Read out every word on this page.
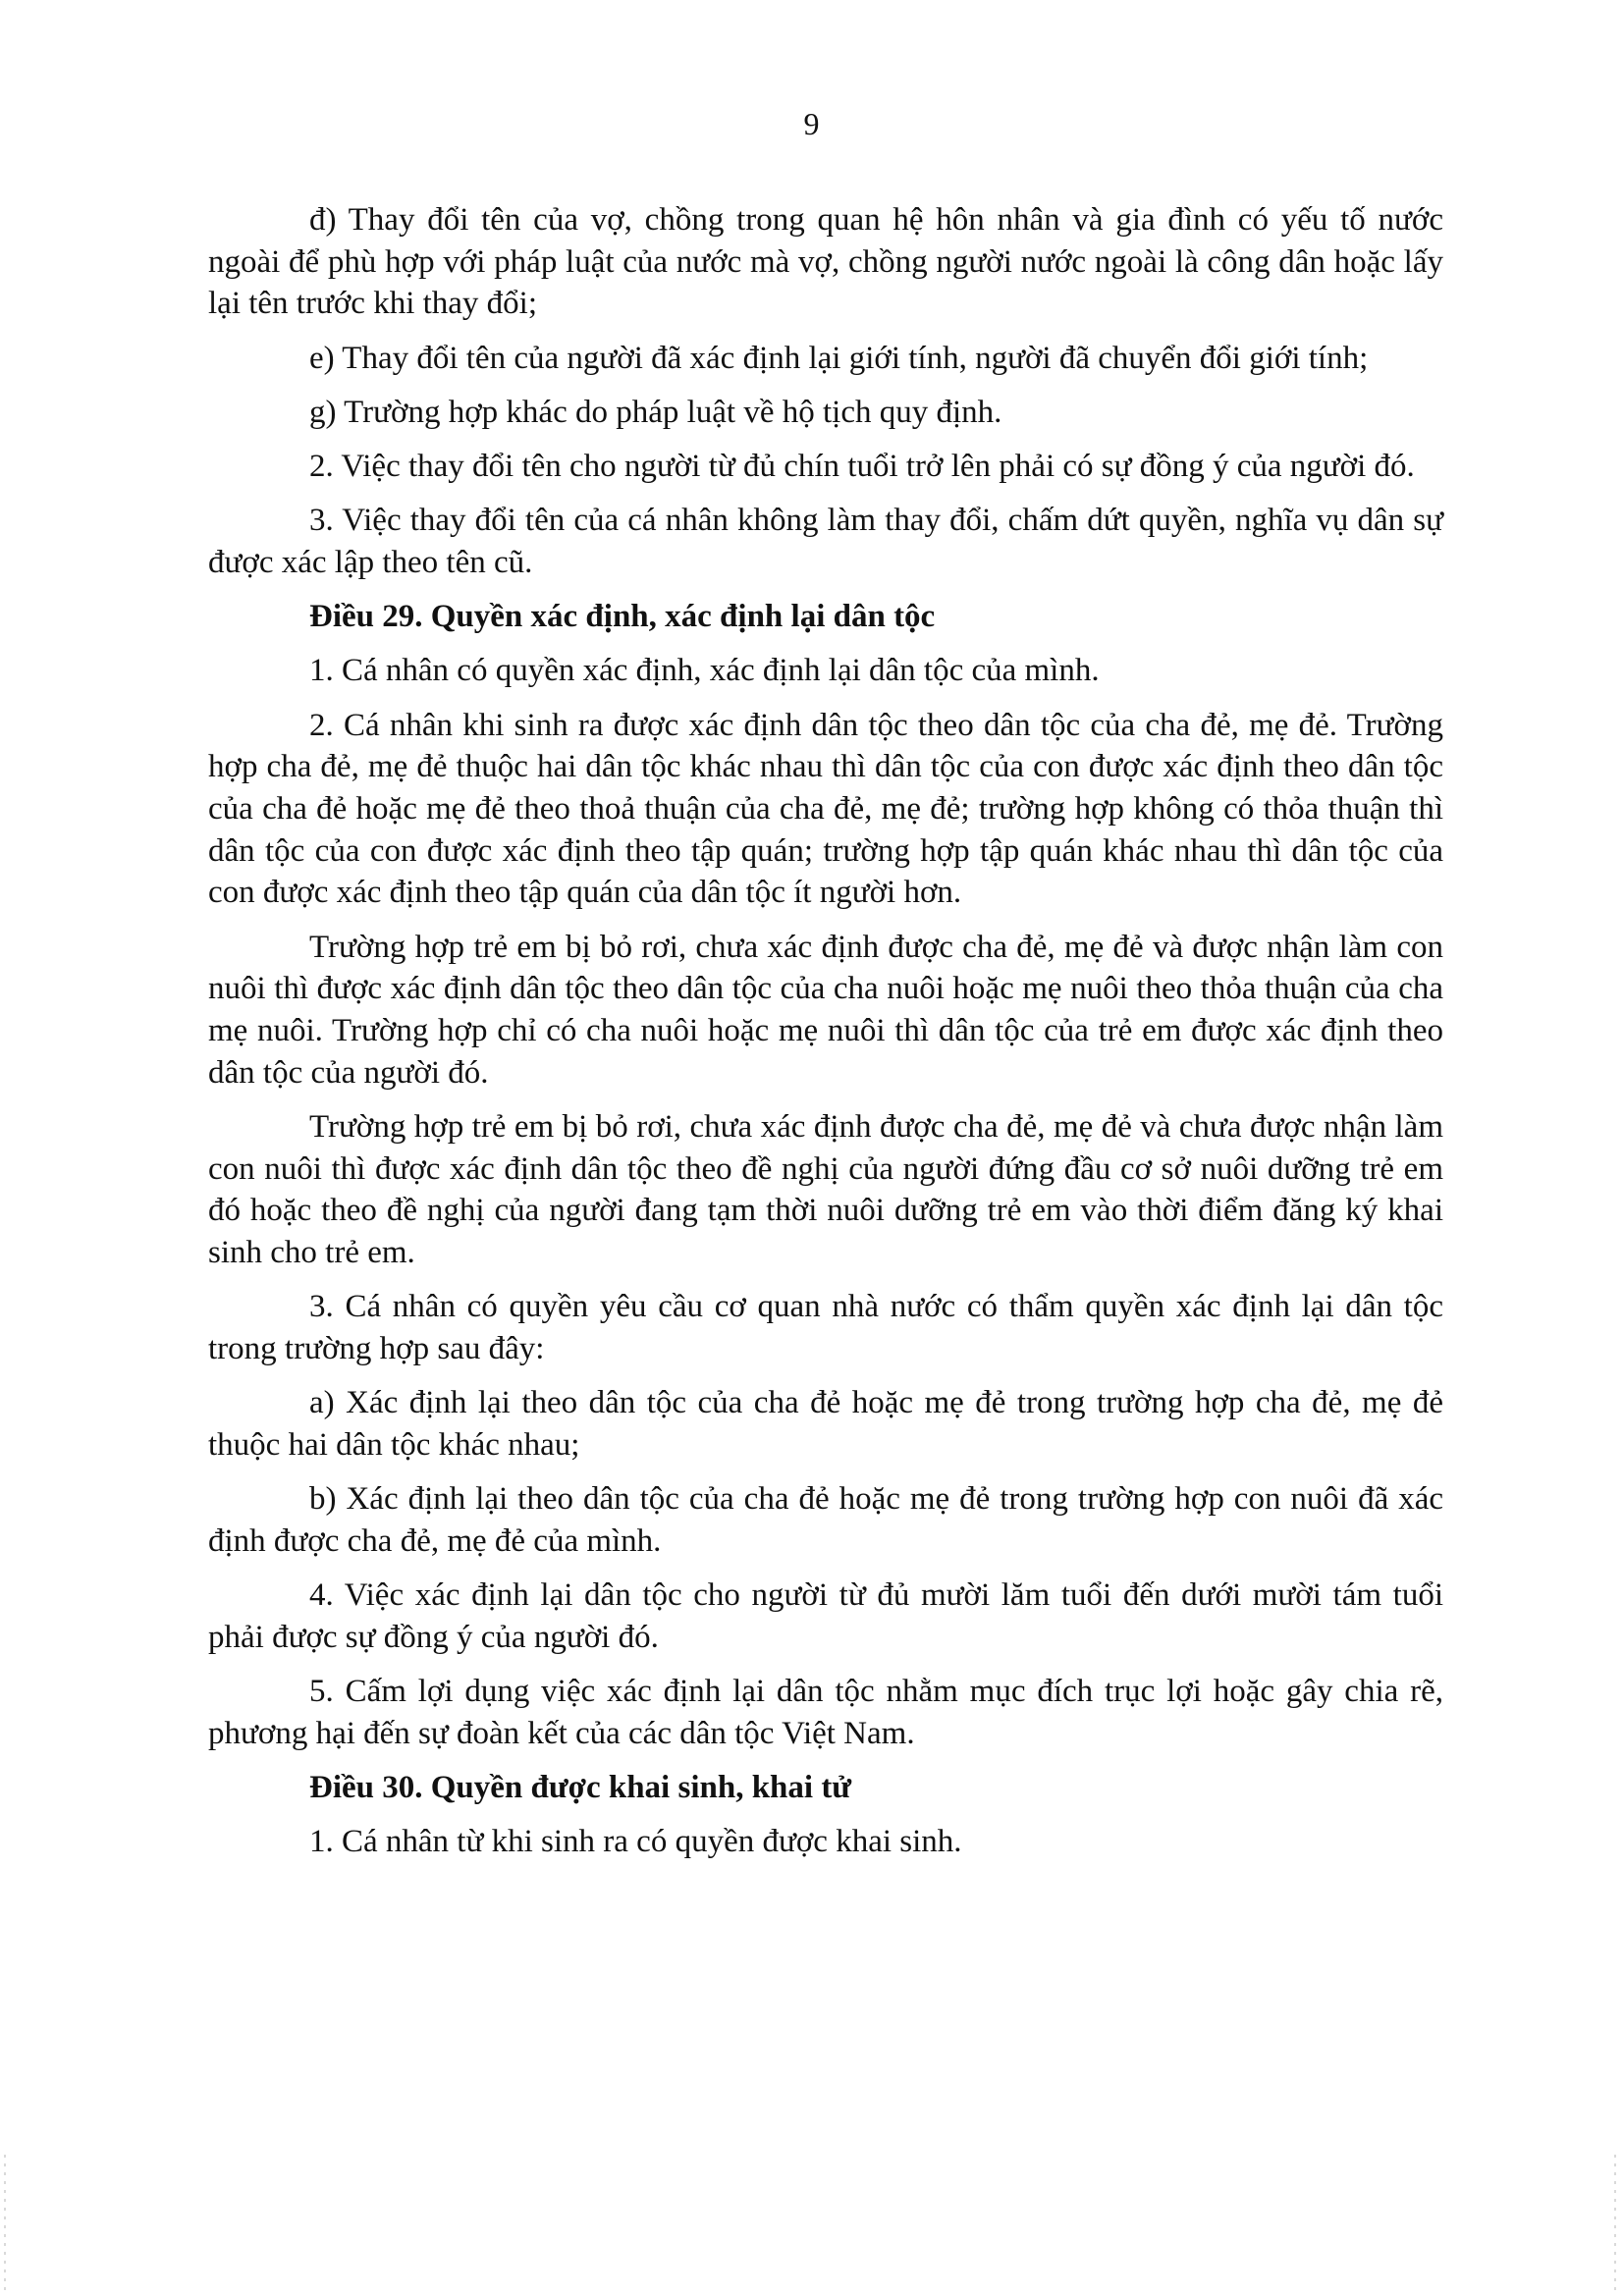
9

đ) Thay đổi tên của vợ, chồng trong quan hệ hôn nhân và gia đình có yếu tố nước ngoài để phù hợp với pháp luật của nước mà vợ, chồng người nước ngoài là công dân hoặc lấy lại tên trước khi thay đổi;

e) Thay đổi tên của người đã xác định lại giới tính, người đã chuyển đổi giới tính;

g) Trường hợp khác do pháp luật về hộ tịch quy định.

2. Việc thay đổi tên cho người từ đủ chín tuổi trở lên phải có sự đồng ý của người đó.

3. Việc thay đổi tên của cá nhân không làm thay đổi, chấm dứt quyền, nghĩa vụ dân sự được xác lập theo tên cũ.

Điều 29. Quyền xác định, xác định lại dân tộc

1. Cá nhân có quyền xác định, xác định lại dân tộc của mình.

2. Cá nhân khi sinh ra được xác định dân tộc theo dân tộc của cha đẻ, mẹ đẻ. Trường hợp cha đẻ, mẹ đẻ thuộc hai dân tộc khác nhau thì dân tộc của con được xác định theo dân tộc của cha đẻ hoặc mẹ đẻ theo thoả thuận của cha đẻ, mẹ đẻ; trường hợp không có thỏa thuận thì dân tộc của con được xác định theo tập quán; trường hợp tập quán khác nhau thì dân tộc của con được xác định theo tập quán của dân tộc ít người hơn.

Trường hợp trẻ em bị bỏ rơi, chưa xác định được cha đẻ, mẹ đẻ và được nhận làm con nuôi thì được xác định dân tộc theo dân tộc của cha nuôi hoặc mẹ nuôi theo thỏa thuận của cha mẹ nuôi. Trường hợp chỉ có cha nuôi hoặc mẹ nuôi thì dân tộc của trẻ em được xác định theo dân tộc của người đó.

Trường hợp trẻ em bị bỏ rơi, chưa xác định được cha đẻ, mẹ đẻ và chưa được nhận làm con nuôi thì được xác định dân tộc theo đề nghị của người đứng đầu cơ sở nuôi dưỡng trẻ em đó hoặc theo đề nghị của người đang tạm thời nuôi dưỡng trẻ em vào thời điểm đăng ký khai sinh cho trẻ em.

3. Cá nhân có quyền yêu cầu cơ quan nhà nước có thẩm quyền xác định lại dân tộc trong trường hợp sau đây:

a) Xác định lại theo dân tộc của cha đẻ hoặc mẹ đẻ trong trường hợp cha đẻ, mẹ đẻ thuộc hai dân tộc khác nhau;

b) Xác định lại theo dân tộc của cha đẻ hoặc mẹ đẻ trong trường hợp con nuôi đã xác định được cha đẻ, mẹ đẻ của mình.

4. Việc xác định lại dân tộc cho người từ đủ mười lăm tuổi đến dưới mười tám tuổi phải được sự đồng ý của người đó.

5. Cấm lợi dụng việc xác định lại dân tộc nhằm mục đích trục lợi hoặc gây chia rẽ, phương hại đến sự đoàn kết của các dân tộc Việt Nam.

Điều 30. Quyền được khai sinh, khai tử

1. Cá nhân từ khi sinh ra có quyền được khai sinh.
